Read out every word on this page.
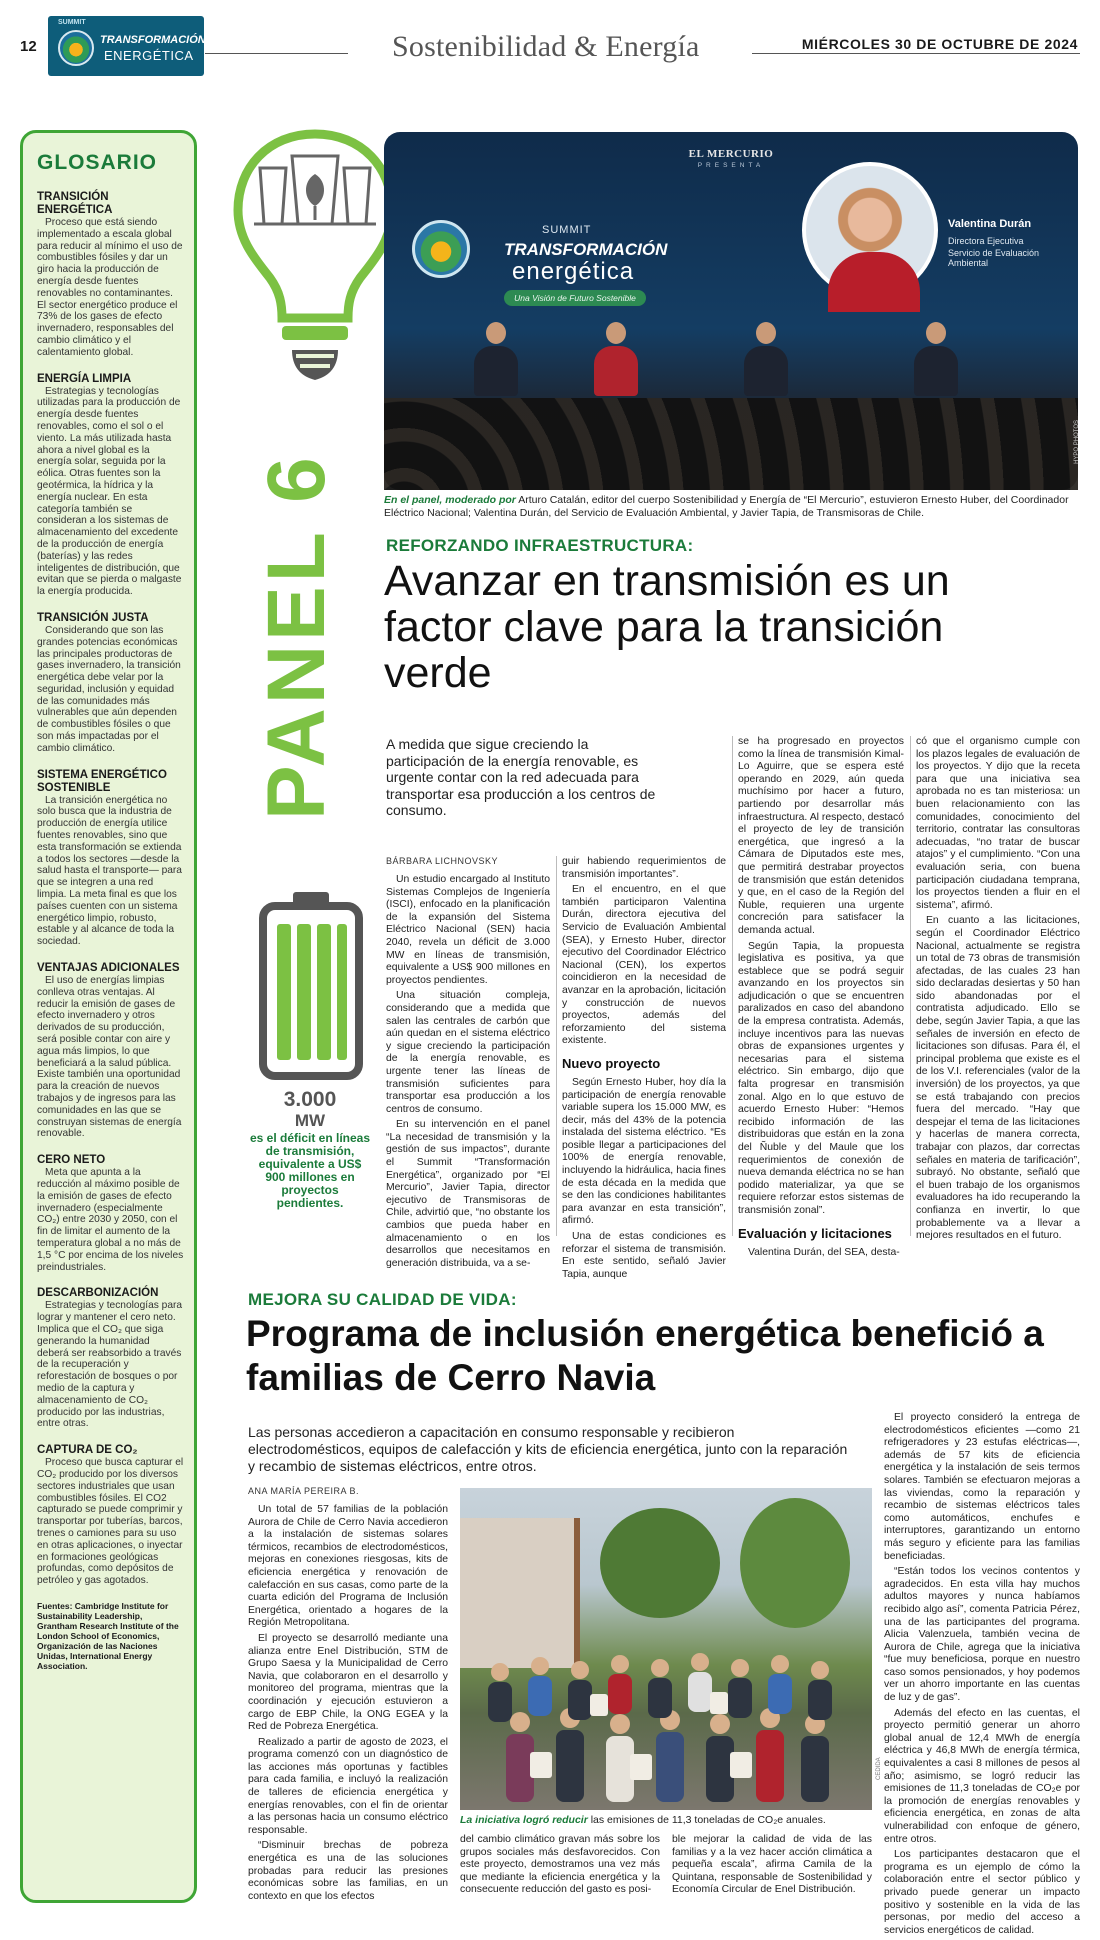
12
SUMMIT
TRANSFORMACIÓN
ENERGÉTICA	Sostenibilidad & Energía	MIÉRCOLES 30 DE OCTUBRE DE 2024
GLOSARIO
TRANSICIÓN ENERGÉTICA
Proceso que está siendo implementado a escala global para reducir al mínimo el uso de combustibles fósiles y dar un giro hacia la producción de energía desde fuentes renovables no contaminantes. El sector energético produce el 73% de los gases de efecto invernadero, responsables del cambio climático y el calentamiento global.
ENERGÍA LIMPIA
Estrategias y tecnologías utilizadas para la producción de energía desde fuentes renovables, como el sol o el viento. La más utilizada hasta ahora a nivel global es la energía solar, seguida por la eólica. Otras fuentes son la geotérmica, la hídrica y la energía nuclear. En esta categoría también se consideran a los sistemas de almacenamiento del excedente de la producción de energía (baterías) y las redes inteligentes de distribución, que evitan que se pierda o malgaste la energía producida.
TRANSICIÓN JUSTA
Considerando que son las grandes potencias económicas las principales productoras de gases invernadero, la transición energética debe velar por la seguridad, inclusión y equidad de las comunidades más vulnerables que aún dependen de combustibles fósiles o que son más impactadas por el cambio climático.
SISTEMA ENERGÉTICO SOSTENIBLE
La transición energética no solo busca que la industria de producción de energía utilice fuentes renovables, sino que esta transformación se extienda a todos los sectores —desde la salud hasta el transporte— para que se integren a una red limpia. La meta final es que los países cuenten con un sistema energético limpio, robusto, estable y al alcance de toda la sociedad.
VENTAJAS ADICIONALES
El uso de energías limpias conlleva otras ventajas. Al reducir la emisión de gases de efecto invernadero y otros derivados de su producción, será posible contar con aire y agua más limpios, lo que beneficiará a la salud pública. Existe también una oportunidad para la creación de nuevos trabajos y de ingresos para las comunidades en las que se construyan sistemas de energía renovable.
CERO NETO
Meta que apunta a la reducción al máximo posible de la emisión de gases de efecto invernadero (especialmente CO₂) entre 2030 y 2050, con el fin de limitar el aumento de la temperatura global a no más de 1,5 °C por encima de los niveles preindustriales.
DESCARBONIZACIÓN
Estrategias y tecnologías para lograr y mantener el cero neto. Implica que el CO₂ que siga generando la humanidad deberá ser reabsorbido a través de la recuperación y reforestación de bosques o por medio de la captura y almacenamiento de CO₂ producido por las industrias, entre otras.
CAPTURA DE CO₂
Proceso que busca capturar el CO₂ producido por los diversos sectores industriales que usan combustibles fósiles. El CO2 capturado se puede comprimir y transportar por tuberías, barcos, trenes o camiones para su uso en otras aplicaciones, o inyectar en formaciones geológicas profundas, como depósitos de petróleo y gas agotados.
Fuentes: Cambridge Institute for Sustainability Leadership, Grantham Research Institute of the London School of Economics, Organización de las Naciones Unidas, International Energy Association.
PANEL 6
3.000
MW
es el déficit en líneas de transmisión, equivalente a US$ 900 millones en proyectos pendientes.
EL MERCURIO
PRESENTA
SUMMIT
TRANSFORMACIÓN
energética
Una Visión de Futuro Sostenible
Valentina Durán
Directora Ejecutiva
Servicio de Evaluación Ambiental
HYPO PHOTOS
En el panel, moderado por Arturo Catalán, editor del cuerpo Sostenibilidad y Energía de “El Mercurio”, estuvieron Ernesto Huber, del Coordinador Eléctrico Nacional; Valentina Durán, del Servicio de Evaluación Ambiental, y Javier Tapia, de Transmisoras de Chile.
REFORZANDO INFRAESTRUCTURA:
Avanzar en transmisión es un factor clave para la transición verde
A medida que sigue creciendo la participación de la energía renovable, es urgente contar con la red adecuada para transportar esa producción a los centros de consumo.
BÁRBARA LICHNOVSKY

Un estudio encargado al Instituto Sistemas Complejos de Ingeniería (ISCI), enfocado en la planificación de la expansión del Sistema Eléctrico Nacional (SEN) hacia 2040, revela un déficit de 3.000 MW en líneas de transmisión, equivalente a US$ 900 millones en proyectos pendientes.

Una situación compleja, considerando que a medida que salen las centrales de carbón que aún quedan en el sistema eléctrico y sigue creciendo la participación de la energía renovable, es urgente tener las líneas de transmisión suficientes para transportar esa producción a los centros de consumo.

En su intervención en el panel “La necesidad de transmisión y la gestión de sus impactos”, durante el Summit “Transformación Energética”, organizado por “El Mercurio”, Javier Tapia, director ejecutivo de Transmisoras de Chile, advirtió que, “no obstante los cambios que pueda haber en almacenamiento o en los desarrollos que necesitamos en generación distribuida, va a se-

guir habiendo requerimientos de transmisión importantes”.

En el encuentro, en el que también participaron Valentina Durán, directora ejecutiva del Servicio de Evaluación Ambiental (SEA), y Ernesto Huber, director ejecutivo del Coordinador Eléctrico Nacional (CEN), los expertos coincidieron en la necesidad de avanzar en la aprobación, licitación y construcción de nuevos proyectos, además del reforzamiento del sistema existente.

Nuevo proyecto

Según Ernesto Huber, hoy día la participación de energía renovable variable supera los 15.000 MW, es decir, más del 43% de la potencia instalada del sistema eléctrico. “Es posible llegar a participaciones del 100% de energía renovable, incluyendo la hidráulica, hacia fines de esta década en la medida que se den las condiciones habilitantes para avanzar en esta transición”, afirmó.

Una de estas condiciones es reforzar el sistema de transmisión. En este sentido, señaló Javier Tapia, aunque

se ha progresado en proyectos como la línea de transmisión Kimal-Lo Aguirre, que se espera esté operando en 2029, aún queda muchísimo por hacer a futuro, partiendo por desarrollar más infraestructura. Al respecto, destacó el proyecto de ley de transición energética, que ingresó a la Cámara de Diputados este mes, que permitirá destrabar proyectos de transmisión que están detenidos y que, en el caso de la Región del Ñuble, requieren una urgente concreción para satisfacer la demanda actual.

Según Tapia, la propuesta legislativa es positiva, ya que establece que se podrá seguir avanzando en los proyectos sin adjudicación o que se encuentren paralizados en caso del abandono de la empresa contratista. Además, incluye incentivos para las nuevas obras de expansiones urgentes y necesarias para el sistema eléctrico. Sin embargo, dijo que falta progresar en transmisión zonal. Algo en lo que estuvo de acuerdo Ernesto Huber: “Hemos recibido información de las distribuidoras que están en la zona del Ñuble y del Maule que los requerimientos de conexión de nueva demanda eléctrica no se han podido materializar, ya que se requiere reforzar estos sistemas de transmisión zonal”.

Evaluación y licitaciones

Valentina Durán, del SEA, desta-

có que el organismo cumple con los plazos legales de evaluación de los proyectos. Y dijo que la receta para que una iniciativa sea aprobada no es tan misteriosa: un buen relacionamiento con las comunidades, conocimiento del territorio, contratar las consultoras adecuadas, “no tratar de buscar atajos” y el cumplimiento. “Con una evaluación seria, con buena participación ciudadana temprana, los proyectos tienden a fluir en el sistema”, afirmó.

En cuanto a las licitaciones, según el Coordinador Eléctrico Nacional, actualmente se registra un total de 73 obras de transmisión afectadas, de las cuales 23 han sido declaradas desiertas y 50 han sido abandonadas por el contratista adjudicado. Ello se debe, según Javier Tapia, a que las señales de inversión en efecto de licitaciones son difusas. Para él, el principal problema que existe es el de los V.I. referenciales (valor de la inversión) de los proyectos, ya que se está trabajando con precios fuera del mercado. “Hay que despejar el tema de las licitaciones y hacerlas de manera correcta, trabajar con plazos, dar correctas señales en materia de tarificación”, subrayó. No obstante, señaló que el buen trabajo de los organismos evaluadores ha ido recuperando la confianza en invertir, lo que probablemente va a llevar a mejores resultados en el futuro.

MEJORA SU CALIDAD DE VIDA:
Programa de inclusión energética benefició a familias de Cerro Navia
Las personas accedieron a capacitación en consumo responsable y recibieron electrodomésticos, equipos de calefacción y kits de eficiencia energética, junto con la reparación y recambio de sistemas eléctricos, entre otros.
ANA MARÍA PEREIRA B.

Un total de 57 familias de la población Aurora de Chile de Cerro Navia accedieron a la instalación de sistemas solares térmicos, recambios de electrodomésticos, mejoras en conexiones riesgosas, kits de eficiencia energética y renovación de calefacción en sus casas, como parte de la cuarta edición del Programa de Inclusión Energética, orientado a hogares de la Región Metropolitana.

El proyecto se desarrolló mediante una alianza entre Enel Distribución, STM de Grupo Saesa y la Municipalidad de Cerro Navia, que colaboraron en el desarrollo y monitoreo del programa, mientras que la coordinación y ejecución estuvieron a cargo de EBP Chile, la ONG EGEA y la Red de Pobreza Energética.

Realizado a partir de agosto de 2023, el programa comenzó con un diagnóstico de las acciones más oportunas y factibles para cada familia, e incluyó la realización de talleres de eficiencia energética y energías renovables, con el fin de orientar a las personas hacia un consumo eléctrico responsable.

“Disminuir brechas de pobreza energética es una de las soluciones probadas para reducir las presiones económicas sobre las familias, en un contexto en que los efectos

CEDIDA
La iniciativa logró reducir las emisiones de 11,3 toneladas de CO₂e anuales.

del cambio climático gravan más sobre los grupos sociales más desfavorecidos. Con este proyecto, demostramos una vez más que mediante la eficiencia energética y la consecuente reducción del gasto es posi-

ble mejorar la calidad de vida de las familias y a la vez hacer acción climática a pequeña escala”, afirma Camila de la Quintana, responsable de Sostenibilidad y Economía Circular de Enel Distribución.

El proyecto consideró la entrega de electrodomésticos eficientes —como 21 refrigeradores y 23 estufas eléctricas—, además de 57 kits de eficiencia energética y la instalación de seis termos solares. También se efectuaron mejoras a las viviendas, como la reparación y recambio de sistemas eléctricos tales como automáticos, enchufes e interruptores, garantizando un entorno más seguro y eficiente para las familias beneficiadas.

“Están todos los vecinos contentos y agradecidos. En esta villa hay muchos adultos mayores y nunca habíamos recibido algo así”, comenta Patricia Pérez, una de las participantes del programa. Alicia Valenzuela, también vecina de Aurora de Chile, agrega que la iniciativa “fue muy beneficiosa, porque en nuestro caso somos pensionados, y hoy podemos ver un ahorro importante en las cuentas de luz y de gas”.

Además del efecto en las cuentas, el proyecto permitió generar un ahorro global anual de 12,4 MWh de energía eléctrica y 46,8 MWh de energía térmica, equivalentes a casi 8 millones de pesos al año; asimismo, se logró reducir las emisiones de 11,3 toneladas de CO₂e por la promoción de energías renovables y eficiencia energética, en zonas de alta vulnerabilidad con enfoque de género, entre otros.

Los participantes destacaron que el programa es un ejemplo de cómo la colaboración entre el sector público y privado puede generar un impacto positivo y sostenible en la vida de las personas, por medio del acceso a servicios energéticos de calidad.
